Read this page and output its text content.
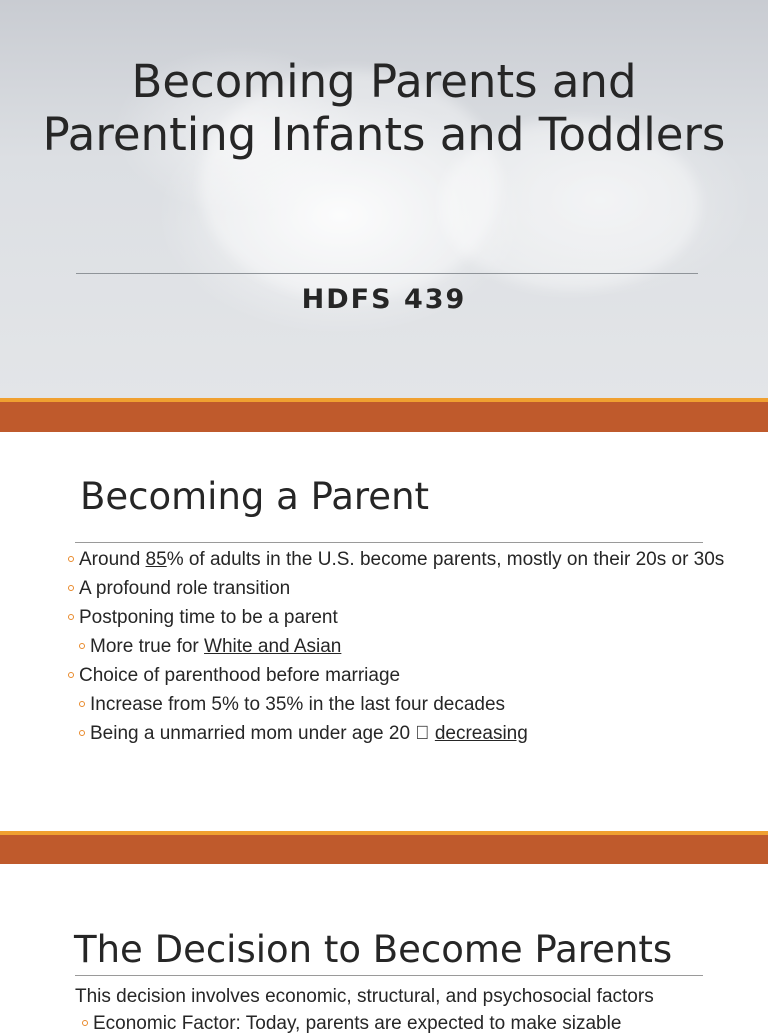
Becoming Parents and Parenting Infants and Toddlers
HDFS 439
Becoming a Parent
Around 85% of adults in the U.S. become parents, mostly on their 20s or 30s
A profound role transition
Postponing time to be a parent
More true for White and Asian
Choice of parenthood before marriage
Increase from 5% to 35% in the last four decades
Being a unmarried mom under age 20 decreasing
The Decision to Become Parents
This decision involves economic, structural, and psychosocial factors
Economic Factor: Today, parents are expected to make sizable
